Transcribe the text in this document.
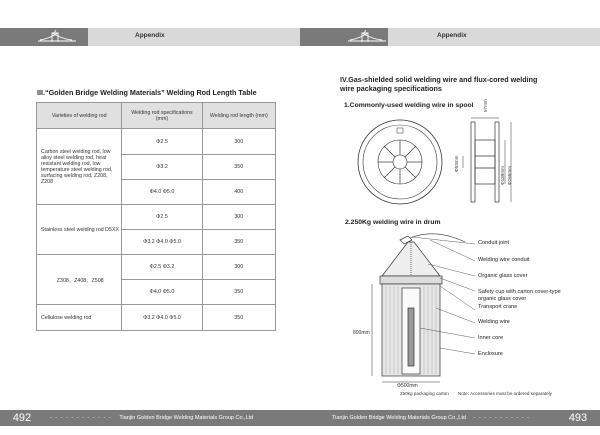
Appendix
III.“Golden Bridge Welding Materials” Welding Rod Length Table
Varieties of welding rod	Welding rod specifications (mm)	Welding rod length (mm)
Carbon steel welding rod, low alloy steel welding rod, heat resistant welding rod, low temperature steel welding rod, surfacing welding rod, Z208, Z208	Φ2.5	300
	Φ3.2	350
	Φ4.0 Φ5.0	400
Stainless steel welding rod D5XX	Φ2.5	300
	Φ3.2 Φ4.0 Φ5.0	350
Z308、Z408、Z508	Φ2.5 Φ3.2	300
	Φ4.0 Φ5.0	350
Cellulose welding rod	Φ3.2 Φ4.0 Φ5.0	350
492	- - - - - - - - - - - - Tianjin Golden Bridge Welding Materials Group Co.,Ltd
Appendix
IV.Gas-shielded solid welding wire and flux-cored welding
wire packaging specifications
1.Commonly-used welding wire in spool 57mm
Φ53mm
Φ139mm Φ265mm
2.250Kg welding wire in drum
800mm
Φ500mm
250kg packaging carton
Conduit joint
Welding wire conduit
Organic glass cover
Safety cup with carton cover-type
organic glass cover
Transport crane
Welding wire
Inner core
Enclosure
Note: Accessories must be ordered separately
Tianjin Golden Bridge Welding Materials Group Co.,Ltd - - - - - - - - - - -	493
